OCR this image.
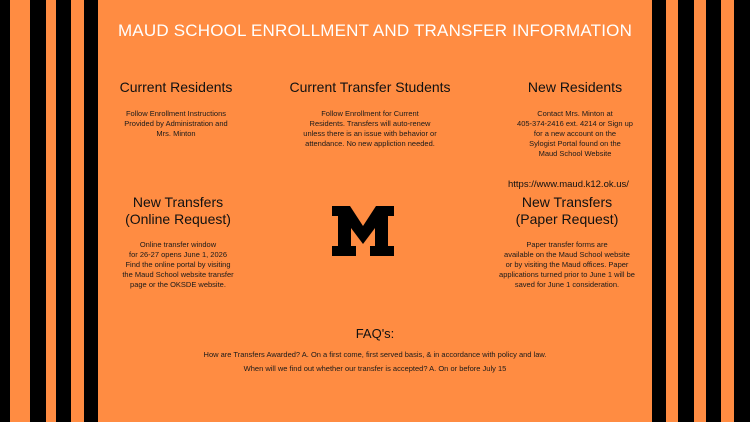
MAUD SCHOOL ENROLLMENT AND TRANSFER INFORMATION
Current Residents

Follow Enrollment Instructions
Provided by Administration and
Mrs. Minton

Current Transfer Students

Follow Enrollment for Current
Residents. Transfers will auto-renew
unless there is an issue with behavior or
attendance. No new appliction needed.

New Residents

Contact Mrs. Minton at
405-374-2416 ext. 4214 or Sign up
for a new account on the
Sylogist Portal found on the
Maud School Website

https://www.maud.k12.ok.us/
New Transfers
(Online Request)

Online transfer window
for 26-27 opens June 1, 2026
Find the online portal by visiting
the Maud School website transfer
page or the OKSDE website.

New Transfers
(Paper Request)

Paper transfer forms are
available on the Maud School website
or by visiting the Maud offices. Paper
applications turned prior to June 1 will be
saved for June 1 consideration.

FAQ's:
How are Transfers Awarded? A. On a first come, first served basis, & in accordance with policy and law.
When will we find out whether our transfer is accepted? A. On or before July 15
